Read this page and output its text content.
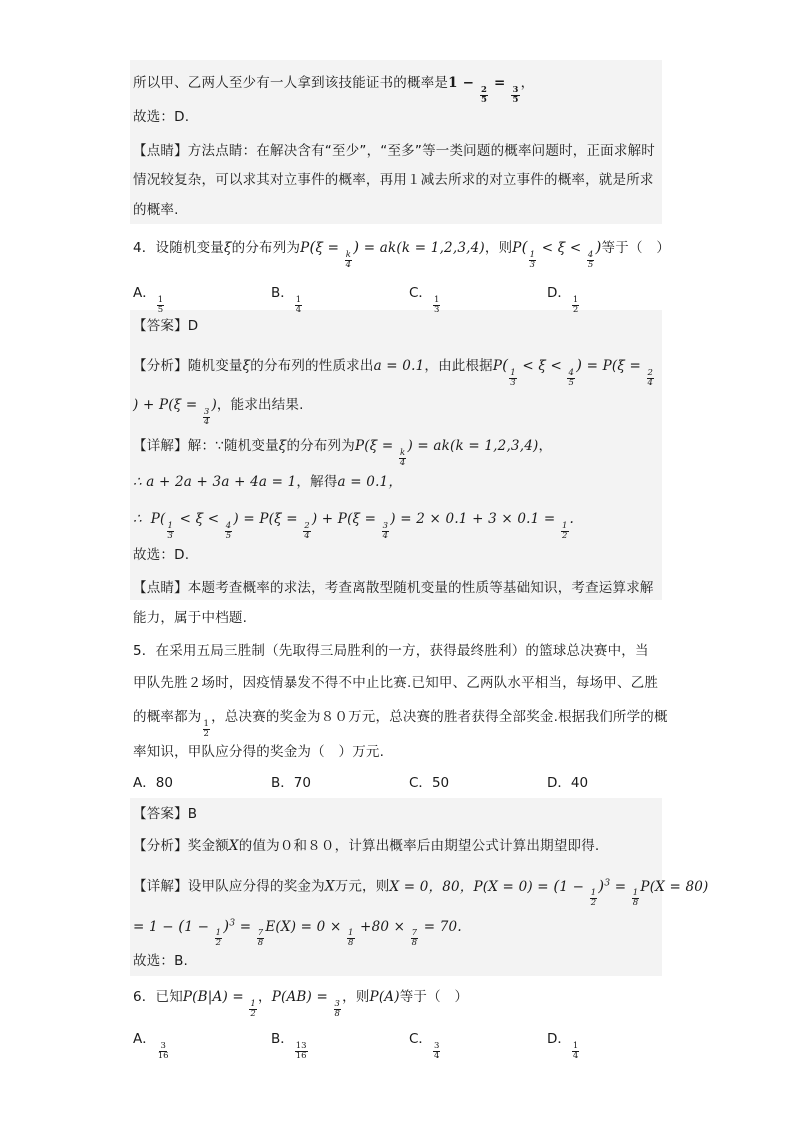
所以甲、乙两人至少有一人拿到该技能证书的概率是1 −
$\frac{2}{5}$
=
$\frac{3}{5}$
，
故选：D.
【点睛】方法点睛：在解决含有“至少”，“至多”等一类问题的概率问题时，正面求解时
情况较复杂，可以求其对立事件的概率，再用１减去所求的对立事件的概率，就是所求
的概率.
4．设随机变量ξ的分布列为P(ξ =
$\frac{k}{4}$
) = ak(k = 1,2,3,4)，则P(
$\frac{1}{3}$
< ξ <
$\frac{4}{5}$
)等于（　）
A．
$\frac{1}{5}$
B．
$\frac{1}{4}$
C．
$\frac{1}{3}$
D．
$\frac{1}{2}$
【答案】D
【分析】随机变量ξ的分布列的性质求出a = 0.1，由此根据P(
$\frac{1}{3}$
< ξ <
$\frac{4}{5}$
) = P(ξ =
$\frac{2}{4}$
) + P(ξ =
$\frac{3}{4}$
)，能求出结果.
【详解】解：∵随机变量ξ的分布列为P(ξ =
$\frac{k}{4}$
) = ak(k = 1,2,3,4)，
∴ a + 2a + 3a + 4a = 1，解得a = 0.1，
∴  P(
$\frac{1}{3}$
< ξ <
$\frac{4}{5}$
) = P(ξ =
$\frac{2}{4}$
) + P(ξ =
$\frac{3}{4}$
) = 2 × 0.1 + 3 × 0.1 =
$\frac{1}{2}$
.
故选：D.
【点睛】本题考查概率的求法，考查离散型随机变量的性质等基础知识，考查运算求解
能力，属于中档题.
5．在采用五局三胜制（先取得三局胜利的一方，获得最终胜利）的篮球总决赛中，当
甲队先胜２场时，因疫情暴发不得不中止比赛.已知甲、乙两队水平相当，每场甲、乙胜
的概率都为
$\frac{1}{2}$
，总决赛的奖金为８０万元，总决赛的胜者获得全部奖金.根据我们所学的概
率知识，甲队应分得的奖金为（　）万元.
A．80	B．70	C．50	D．40
【答案】B
【分析】奖金额X的值为０和８０，计算出概率后由期望公式计算出期望即得.
【详解】设甲队应分得的奖金为X万元，则X = 0，80，P(X = 0) = (1 −
$\frac{1}{2}$
)$^3$ =
$\frac{1}{8}$
P(X = 80)
= 1 − (1 −
$\frac{1}{2}$
)$^3$ =
$\frac{7}{8}$
E(X) = 0 ×
$\frac{1}{8}$
+80 ×
$\frac{7}{8}$
= 70.
故选：B.
6．已知P(B|A) =
$\frac{1}{2}$
，P(AB) =
$\frac{3}{8}$
，则P(A)等于（　）
A．
$\frac{3}{16}$
B．
$\frac{13}{16}$
C．
$\frac{3}{4}$
D．
$\frac{1}{4}$
